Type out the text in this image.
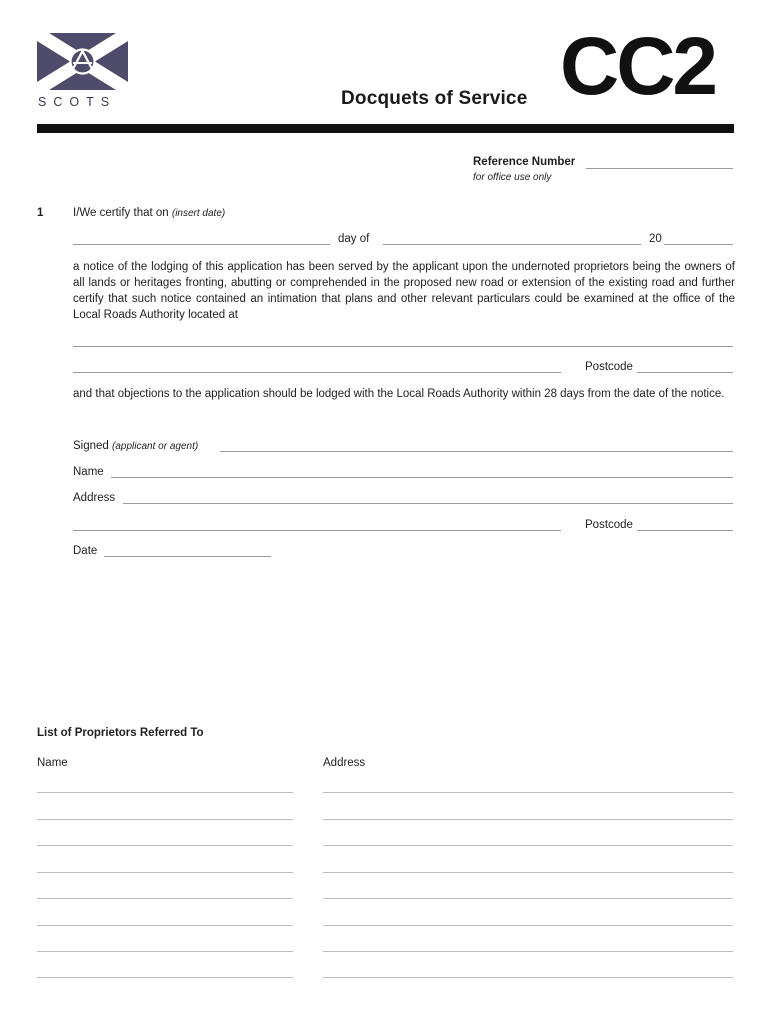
SCOTS	Docquets of Service CC2
Reference Number
for office use only
1	I/We certify that on (insert date)
day of	20
a notice of the lodging of this application has been served by the applicant upon the undernoted proprietors being the owners of all lands or heritages fronting, abutting or comprehended in the proposed new road or extension of the existing road and further certify that such notice contained an intimation that plans and other relevant particulars could be examined at the office of the Local Roads Authority located at
Postcode
and that objections to the application should be lodged with the Local Roads Authority within 28 days from the date of the notice.
Signed (applicant or agent)
Name
Address
Postcode
Date
List of Proprietors Referred To
Name	Address
